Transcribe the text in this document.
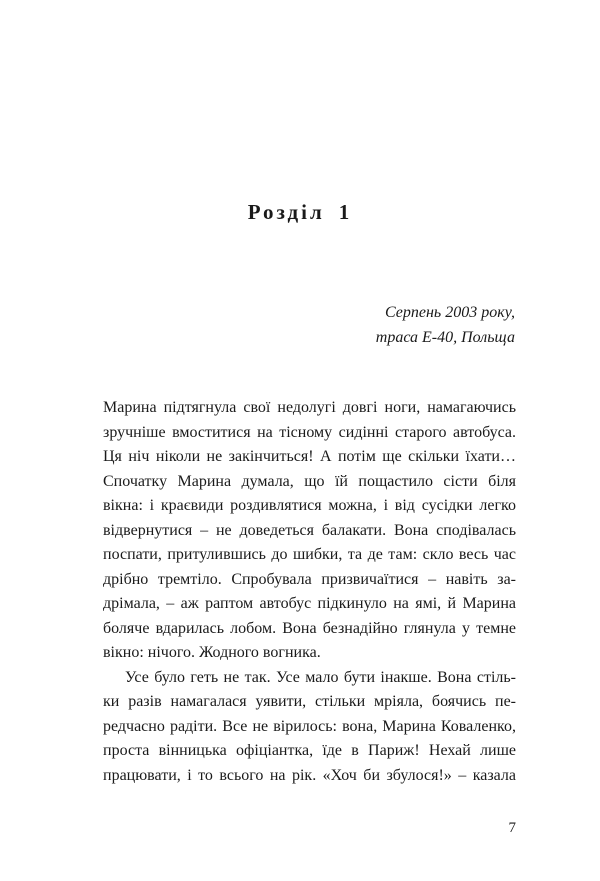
Розділ 1
Серпень 2003 року,
траса E-40, Польща

Марина підтягнула свої недолугі довгі ноги, намагаючись
зручніше вмоститися на тісному сидінні старого автобуса.
Ця ніч ніколи не закінчиться! А потім ще скільки їхати…
Спочатку Марина думала, що їй пощастило сісти біля
вікна: і краєвиди роздивлятися можна, і від сусідки легко
відвернутися – не доведеться балакати. Вона сподівалась
поспати, притулившись до шибки, та де там: скло весь час
дрібно тремтіло. Спробувала призвичаїтися – навіть за-
дрімала, – аж раптом автобус підкинуло на ямі, й Марина
боляче вдарилась лобом. Вона безнадійно глянула у темне
вікно: нічого. Жодного вогника.

Усе було геть не так. Усе мало бути інакше. Вона стіль-
ки разів намагалася уявити, стільки мріяла, боячись пе-
редчасно радіти. Все не вірилось: вона, Марина Коваленко,
проста вінницька офіціантка, їде в Париж! Нехай лише
працювати, і то всього на рік. «Хоч би збулося!» – казала

7
